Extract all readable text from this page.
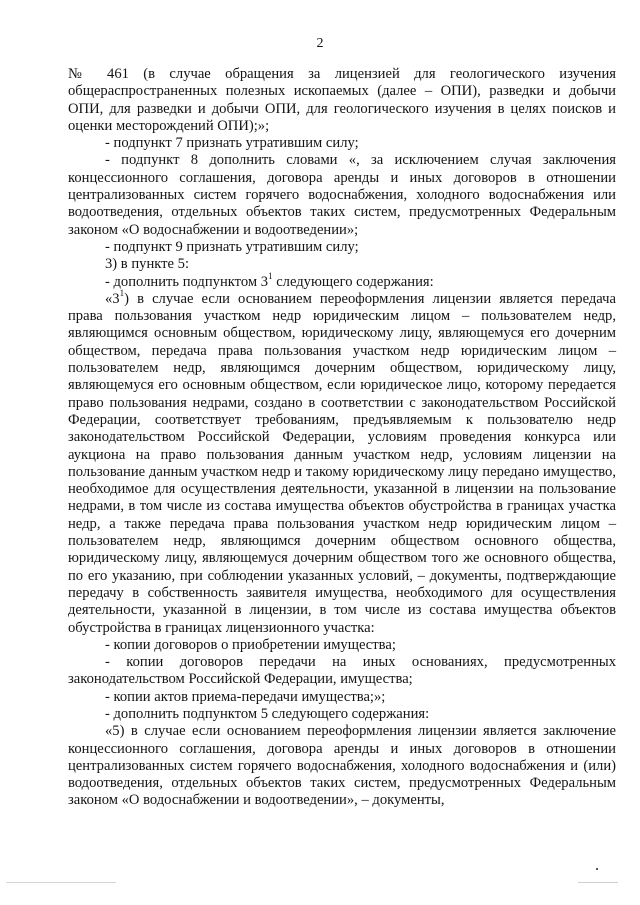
2

№ 461 (в случае обращения за лицензией для геологического изучения общераспространенных полезных ископаемых (далее – ОПИ), разведки и добычи ОПИ, для разведки и добычи ОПИ, для геологического изучения в целях поисков и оценки месторождений ОПИ);»;

- подпункт 7 признать утратившим силу;

- подпункт 8 дополнить словами «, за исключением случая заключения концессионного соглашения, договора аренды и иных договоров в отношении централизованных систем горячего водоснабжения, холодного водоснабжения или водоотведения, отдельных объектов таких систем, предусмотренных Федеральным законом «О водоснабжении и водоотведении»;

- подпункт 9 признать утратившим силу;

3) в пункте 5:

- дополнить подпунктом $3^1$ следующего содержания:

«$3^1$) в случае если основанием переоформления лицензии является передача права пользования участком недр юридическим лицом – пользователем недр, являющимся основным обществом, юридическому лицу, являющемуся его дочерним обществом, передача права пользования участком недр юридическим лицом – пользователем недр, являющимся дочерним обществом, юридическому лицу, являющемуся его основным обществом, если юридическое лицо, которому передается право пользования недрами, создано в соответствии с законодательством Российской Федерации, соответствует требованиям, предъявляемым к пользователю недр законодательством Российской Федерации, условиям проведения конкурса или аукциона на право пользования данным участком недр, условиям лицензии на пользование данным участком недр и такому юридическому лицу передано имущество, необходимое для осуществления деятельности, указанной в лицензии на пользование недрами, в том числе из состава имущества объектов обустройства в границах участка недр, а также передача права пользования участком недр юридическим лицом – пользователем недр, являющимся дочерним обществом основного общества, юридическому лицу, являющемуся дочерним обществом того же основного общества, по его указанию, при соблюдении указанных условий, – документы, подтверждающие передачу в собственность заявителя имущества, необходимого для осуществления деятельности, указанной в лицензии, в том числе из состава имущества объектов обустройства в границах лицензионного участка:

- копии договоров о приобретении имущества;

- копии договоров передачи на иных основаниях, предусмотренных законодательством Российской Федерации, имущества;

- копии актов приема-передачи имущества;»;

- дополнить подпунктом 5 следующего содержания:

«5) в случае если основанием переоформления лицензии является заключение концессионного соглашения, договора аренды и иных договоров в отношении централизованных систем горячего водоснабжения, холодного водоснабжения и (или) водоотведения, отдельных объектов таких систем, предусмотренных Федеральным законом «О водоснабжении и водоотведении», – документы,
